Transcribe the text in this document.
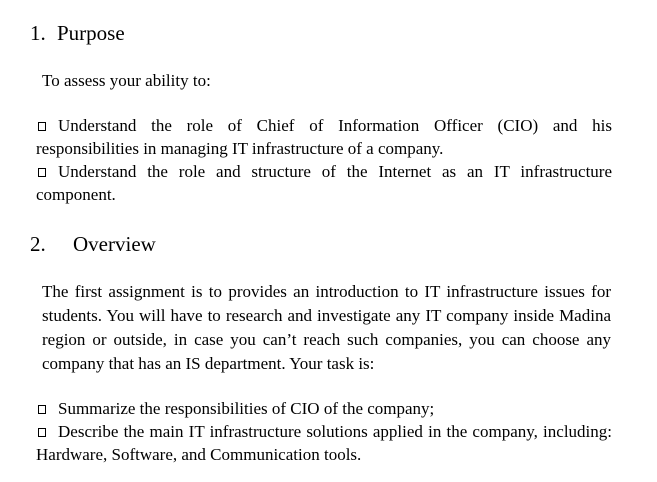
1. Purpose
To assess your ability to:
Understand the role of Chief of Information Officer (CIO) and his responsibilities in managing IT infrastructure of a company.
Understand the role and structure of the Internet as an IT infrastructure component.
2. Overview
The first assignment is to provides an introduction to IT infrastructure issues for students. You will have to research and investigate any IT company inside Madina region or outside, in case you can’t reach such companies, you can choose any company that has an IS department. Your task is:
Summarize the responsibilities of CIO of the company;
Describe the main IT infrastructure solutions applied in the company, including: Hardware, Software, and Communication tools.
